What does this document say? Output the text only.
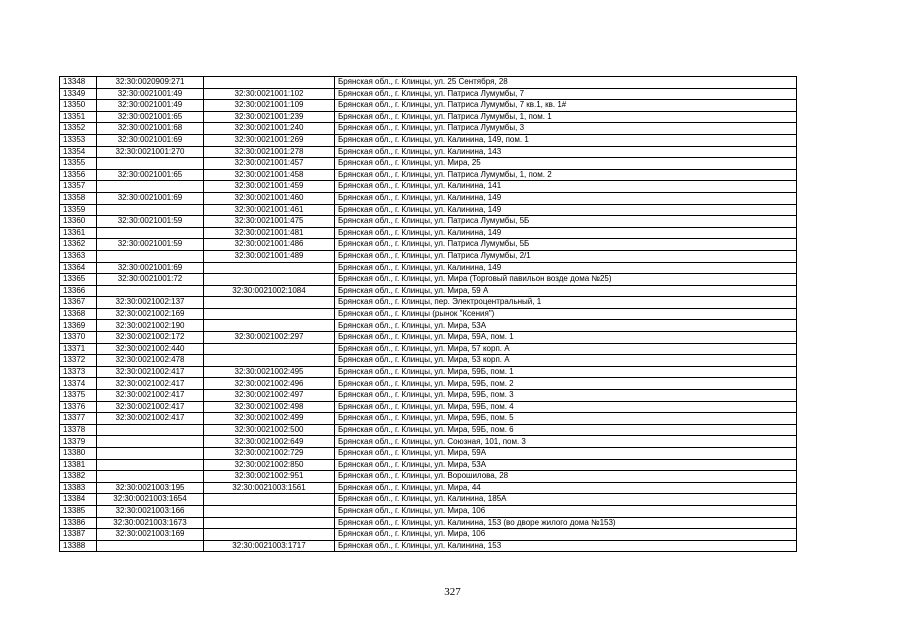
13348	32:30:0020909:271		Брянская обл., г. Клинцы, ул. 25 Сентября, 28
13349	32:30:0021001:49	32:30:0021001:102	Брянская обл., г. Клинцы, ул. Патриса Лумумбы, 7
13350	32:30:0021001:49	32:30:0021001:109	Брянская обл., г. Клинцы, ул. Патриса Лумумбы, 7 кв.1, кв. 1#
13351	32:30:0021001:65	32:30:0021001:239	Брянская обл., г. Клинцы, ул. Патриса Лумумбы, 1, пом. 1
13352	32:30:0021001:68	32:30:0021001:240	Брянская обл., г. Клинцы, ул. Патриса Лумумбы, 3
13353	32:30:0021001:69	32:30:0021001:269	Брянская обл., г. Клинцы, ул. Калинина, 149, пом. 1
13354	32:30:0021001:270	32:30:0021001:278	Брянская обл., г. Клинцы, ул. Калинина, 143
13355		32:30:0021001:457	Брянская обл., г. Клинцы, ул. Мира, 25
13356	32:30:0021001:65	32:30:0021001:458	Брянская обл., г. Клинцы, ул. Патриса Лумумбы, 1, пом. 2
13357		32:30:0021001:459	Брянская обл., г. Клинцы, ул. Калинина, 141
13358	32:30:0021001:69	32:30:0021001:460	Брянская обл., г. Клинцы, ул. Калинина, 149
13359		32:30:0021001:461	Брянская обл., г. Клинцы, ул. Калинина, 149
13360	32:30:0021001:59	32:30:0021001:475	Брянская обл., г. Клинцы, ул. Патриса Лумумбы, 5Б
13361		32:30:0021001:481	Брянская обл., г. Клинцы, ул. Калинина, 149
13362	32:30:0021001:59	32:30:0021001:486	Брянская обл., г. Клинцы, ул. Патриса Лумумбы, 5Б
13363		32:30:0021001:489	Брянская обл., г. Клинцы, ул. Патриса Лумумбы, 2/1
13364	32:30:0021001:69		Брянская обл., г. Клинцы, ул. Калинина, 149
13365	32:30:0021001:72		Брянская обл., г. Клинцы, ул. Мира (Торговый павильон возде дома №25)
13366		32:30:0021002:1084	Брянская обл., г. Клинцы, ул. Мира, 59 А
13367	32:30:0021002:137		Брянская обл., г. Клинцы, пер. Электроцентральный, 1
13368	32:30:0021002:169		Брянская обл., г. Клинцы (рынок "Ксения")
13369	32:30:0021002:190		Брянская обл., г. Клинцы, ул. Мира, 53А
13370	32:30:0021002:172	32:30:0021002:297	Брянская обл., г. Клинцы, ул. Мира, 59А, пом. 1
13371	32:30:0021002:440		Брянская обл., г. Клинцы, ул. Мира, 57 корп. А
13372	32:30:0021002:478		Брянская обл., г. Клинцы, ул. Мира, 53 корп. А
13373	32:30:0021002:417	32:30:0021002:495	Брянская обл., г. Клинцы, ул. Мира, 59Б, пом. 1
13374	32:30:0021002:417	32:30:0021002:496	Брянская обл., г. Клинцы, ул. Мира, 59Б, пом. 2
13375	32:30:0021002:417	32:30:0021002:497	Брянская обл., г. Клинцы, ул. Мира, 59Б, пом. 3
13376	32:30:0021002:417	32:30:0021002:498	Брянская обл., г. Клинцы, ул. Мира, 59Б, пом. 4
13377	32:30:0021002:417	32:30:0021002:499	Брянская обл., г. Клинцы, ул. Мира, 59Б, пом. 5
13378		32:30:0021002:500	Брянская обл., г. Клинцы, ул. Мира, 59Б, пом. 6
13379		32:30:0021002:649	Брянская обл., г. Клинцы, ул. Союзная, 101, пом. 3
13380		32:30:0021002:729	Брянская обл., г. Клинцы, ул. Мира, 59А
13381		32:30:0021002:850	Брянская обл., г. Клинцы, ул. Мира, 53А
13382		32:30:0021002:951	Брянская обл., г. Клинцы, ул. Ворошилова, 28
13383	32:30:0021003:195	32:30:0021003:1561	Брянская обл., г. Клинцы, ул. Мира, 44
13384	32:30:0021003:1654		Брянская обл., г. Клинцы, ул. Калинина, 185А
13385	32:30:0021003:166		Брянская обл., г. Клинцы, ул. Мира, 106
13386	32:30:0021003:1673		Брянская обл., г. Клинцы, ул. Калинина, 153 (во дворе жилого дома №153)
13387	32:30:0021003:169		Брянская обл., г. Клинцы, ул. Мира, 106
13388		32:30:0021003:1717	Брянская обл., г. Клинцы, ул. Калинина, 153
327
